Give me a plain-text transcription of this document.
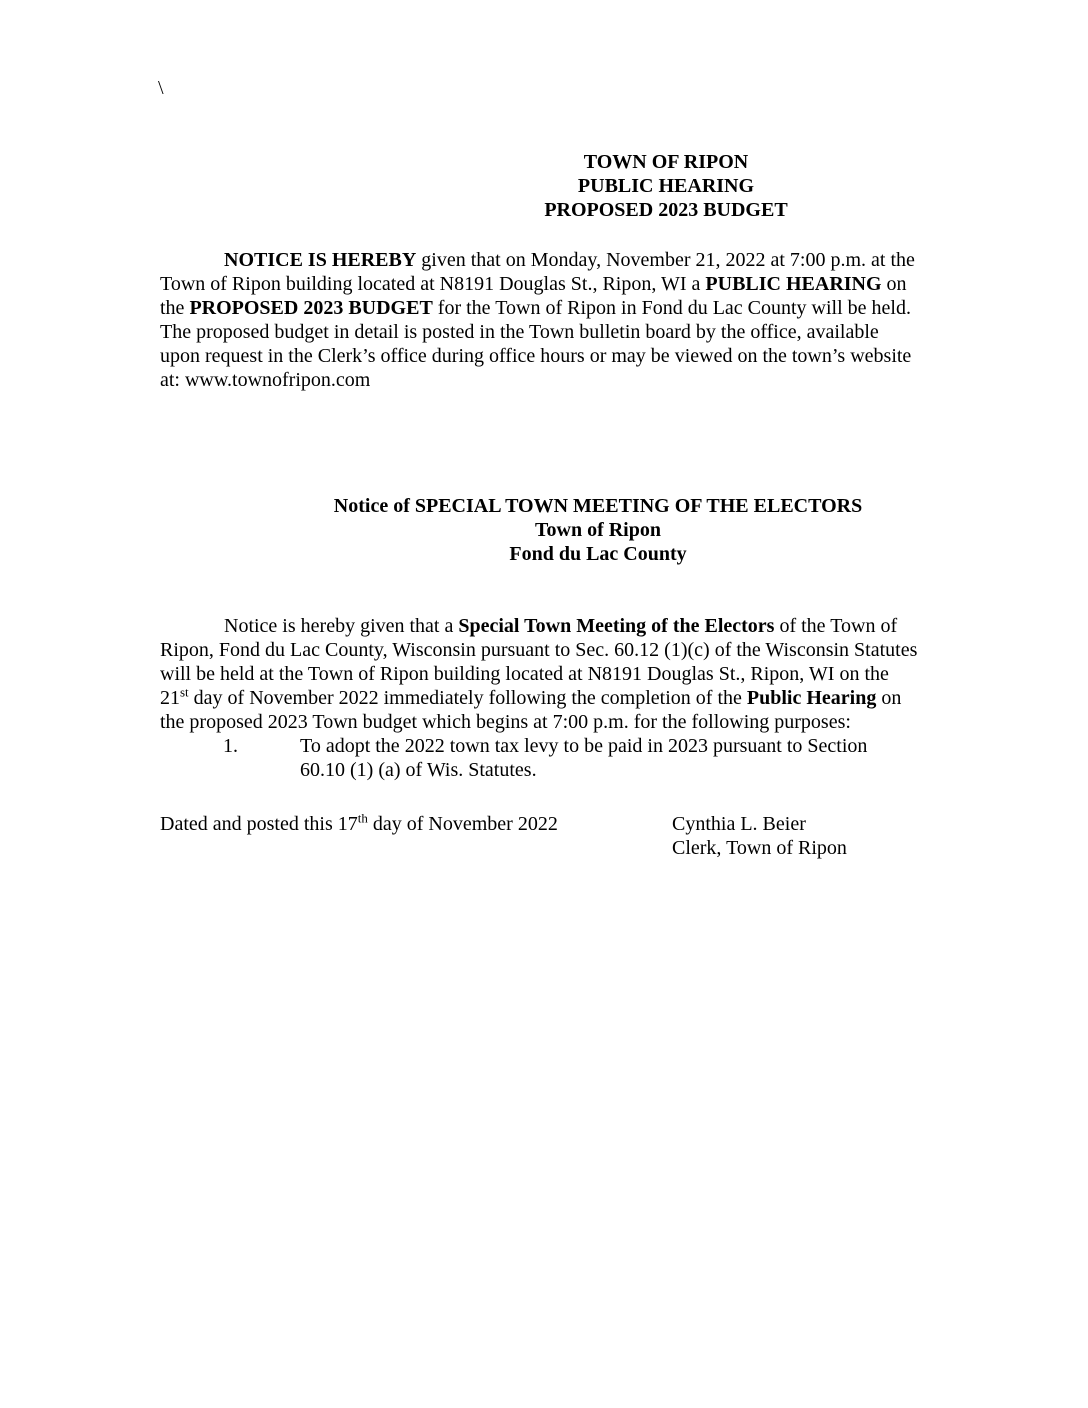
\
TOWN OF RIPON
PUBLIC HEARING
PROPOSED 2023 BUDGET
NOTICE IS HEREBY given that on Monday, November 21, 2022 at 7:00 p.m. at the
Town of Ripon building located at N8191 Douglas St., Ripon, WI a PUBLIC HEARING on
the PROPOSED 2023 BUDGET for the Town of Ripon in Fond du Lac County will be held.
The proposed budget in detail is posted in the Town bulletin board by the office, available
upon request in the Clerk’s office during office hours or may be viewed on the town’s website
at: www.townofripon.com
Notice of SPECIAL TOWN MEETING OF THE ELECTORS
Town of Ripon
Fond du Lac County
Notice is hereby given that a Special Town Meeting of the Electors of the Town of
Ripon, Fond du Lac County, Wisconsin pursuant to Sec. 60.12 (1)(c) of the Wisconsin Statutes
will be held at the Town of Ripon building located at N8191 Douglas St., Ripon, WI on the
21st day of November 2022 immediately following the completion of the Public Hearing on
the proposed 2023 Town budget which begins at 7:00 p.m. for the following purposes:
1.	To adopt the 2022 town tax levy to be paid in 2023 pursuant to Section
60.10 (1) (a) of Wis. Statutes.
Dated and posted this 17th day of November 2022	Cynthia L. Beier
Clerk, Town of Ripon
